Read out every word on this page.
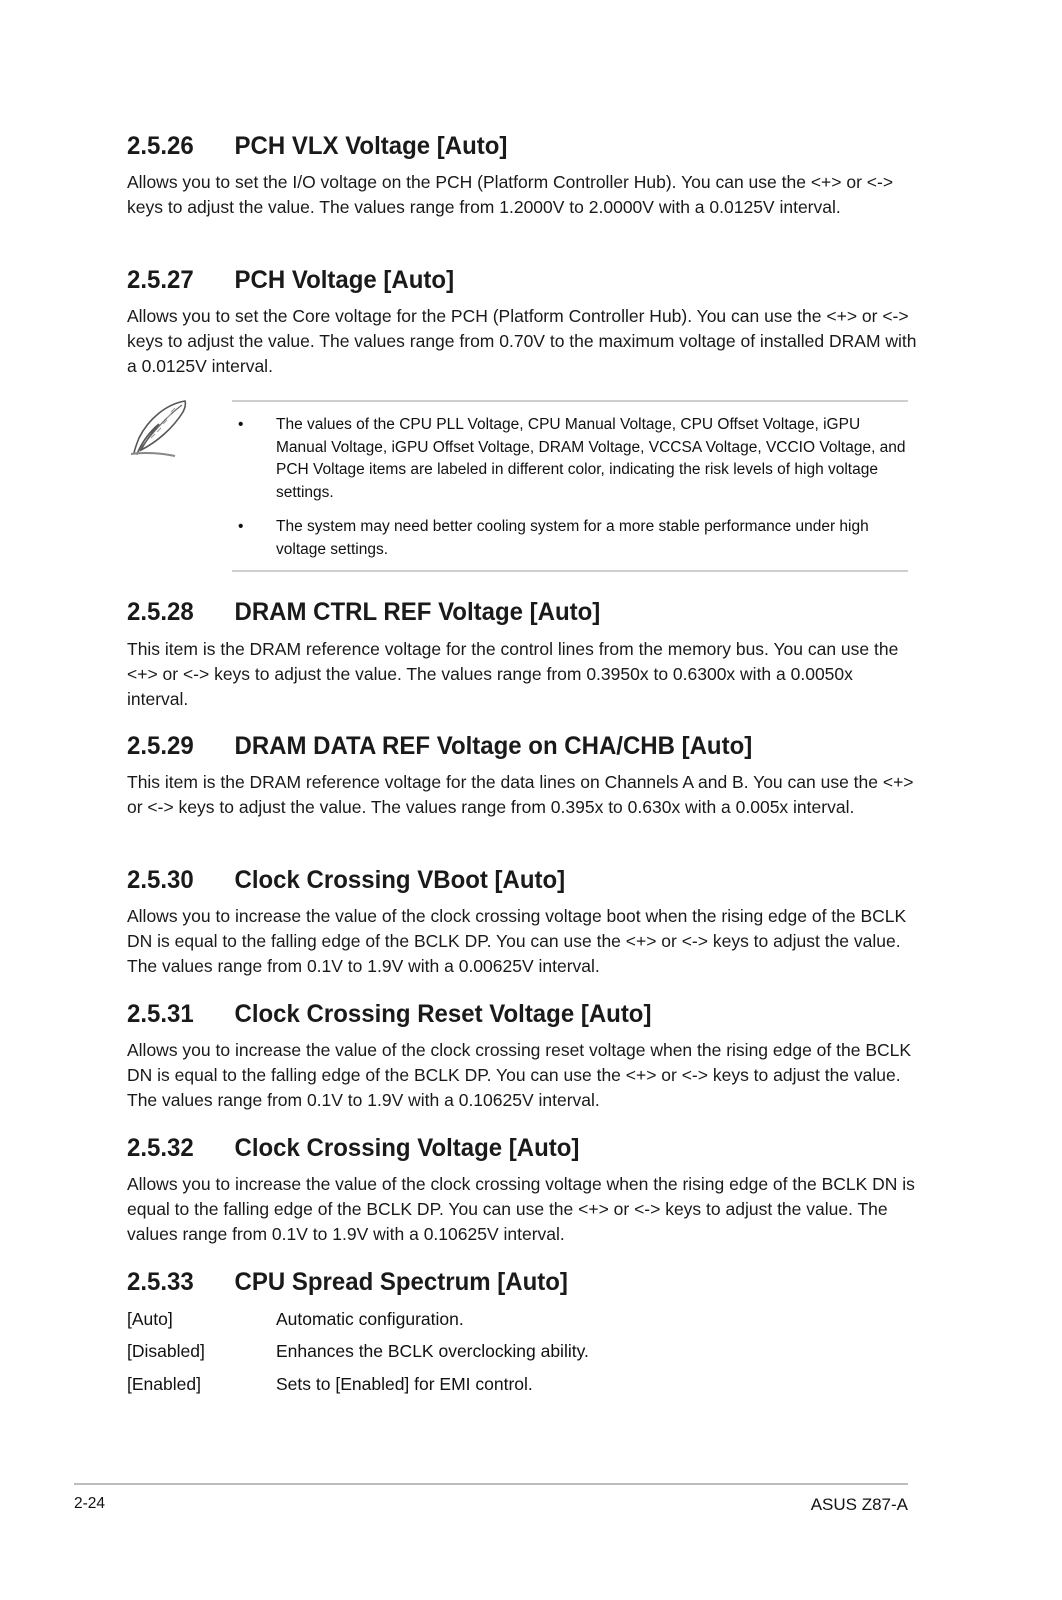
2.5.26 PCH VLX Voltage [Auto]

Allows you to set the I/O voltage on the PCH (Platform Controller Hub). You can use the <+> or <-> keys to adjust the value. The values range from 1.2000V to 2.0000V with a 0.0125V interval.

2.5.27 PCH Voltage [Auto]

Allows you to set the Core voltage for the PCH (Platform Controller Hub). You can use the <+> or <-> keys to adjust the value. The values range from 0.70V to the maximum voltage of installed DRAM with a 0.0125V interval.

• The values of the CPU PLL Voltage, CPU Manual Voltage, CPU Offset Voltage, iGPU Manual Voltage, iGPU Offset Voltage, DRAM Voltage, VCCSA Voltage, VCCIO Voltage, and PCH Voltage items are labeled in different color, indicating the risk levels of high voltage settings.
• The system may need better cooling system for a more stable performance under high voltage settings.
2.5.28 DRAM CTRL REF Voltage [Auto]

This item is the DRAM reference voltage for the control lines from the memory bus. You can use the <+> or <-> keys to adjust the value. The values range from 0.3950x to 0.6300x with a 0.0050x interval.

2.5.29 DRAM DATA REF Voltage on CHA/CHB [Auto]

This item is the DRAM reference voltage for the data lines on Channels A and B. You can use the <+> or <-> keys to adjust the value. The values range from 0.395x to 0.630x with a 0.005x interval.

2.5.30 Clock Crossing VBoot [Auto]

Allows you to increase the value of the clock crossing voltage boot when the rising edge of the BCLK DN is equal to the falling edge of the BCLK DP. You can use the <+> or <-> keys to adjust the value. The values range from 0.1V to 1.9V with a 0.00625V interval.

2.5.31 Clock Crossing Reset Voltage [Auto]

Allows you to increase the value of the clock crossing reset voltage when the rising edge of the BCLK DN is equal to the falling edge of the BCLK DP. You can use the <+> or <-> keys to adjust the value. The values range from 0.1V to 1.9V with a 0.10625V interval.

2.5.32 Clock Crossing Voltage [Auto]

Allows you to increase the value of the clock crossing voltage when the rising edge of the BCLK DN is equal to the falling edge of the BCLK DP. You can use the <+> or <-> keys to adjust the value. The values range from 0.1V to 1.9V with a 0.10625V interval.

2.5.33 CPU Spread Spectrum [Auto]
[Auto]	Automatic configuration.
[Disabled]	Enhances the BCLK overclocking ability.
[Enabled]	Sets to [Enabled] for EMI control.
2-24	ASUS Z87-A
